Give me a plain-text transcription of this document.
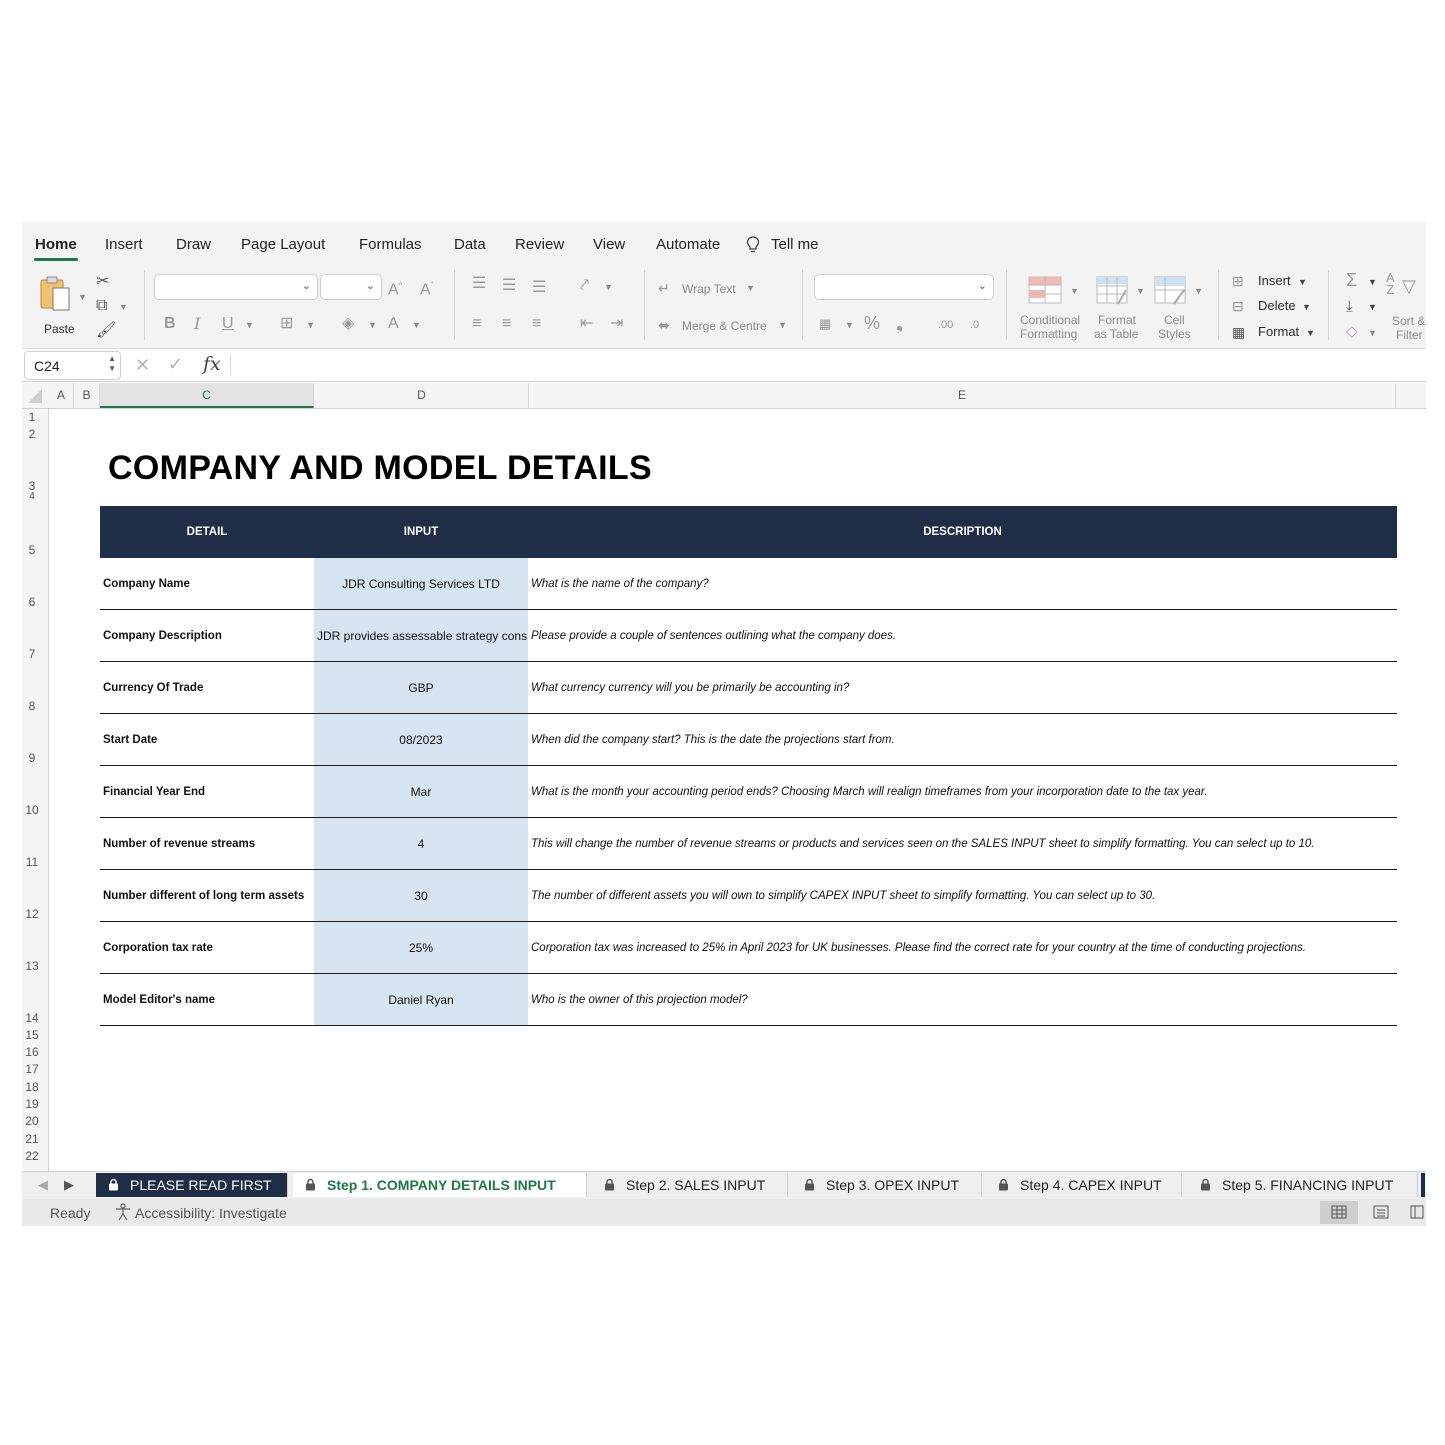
Home Insert Draw Page Layout Formulas Data Review View Automate	Tell me
▼
Paste
✂
⧉ ▼
🖌
⌄	⌄ A^ $A^ˇ$
B I U ▼ ⊞ ▼ ◈ ▼ A ▼
☰ ☰ ☰ ⤤ ▼
≡ ≡ ≡ ⇤ ⇥
↵ Wrap Text ▼
⬌ Merge & Centre ▼
⌄
▦ ▼ % ❟	.00 .0
▼
Conditional
Formatting
▼
Format
as Table
▼
Cell
Styles
⊞ Insert ▼
⊟ Delete ▼
▦ Format ▼
Σ ▼
⤓ ▼
◇ ▼
A
Z ▽
Sort &
Filter
C24	▲
▼ ✕ ✓ fx
A	B	C	D	E
1
2
3
4
5
6
7
8
9
10
11
12
13
14
15
16
17
18
19
20
21
22
COMPANY AND MODEL DETAILS
DETAIL	INPUT	DESCRIPTION
Company Name	JDR Consulting Services LTD	What is the name of the company?
Company Description	JDR provides assessable strategy cons Please provide a couple of sentences outlining what the company does.
Currency Of Trade	GBP	What currency currency will you be primarily be accounting in?
Start Date	08/2023	When did the company start? This is the date the projections start from.
Financial Year End	Mar	What is the month your accounting period ends? Choosing March will realign timeframes from your incorporation date to the tax year.
Number of revenue streams	4	This will change the number of revenue streams or products and services seen on the SALES INPUT sheet to simplify formatting. You can select up to 10.
Number different of long term assets	30	The number of different assets you will own to simplify CAPEX INPUT sheet to simplify formatting. You can select up to 30.
Corporation tax rate	25%	Corporation tax was increased to 25% in April 2023 for UK businesses. Please find the correct rate for your country at the time of conducting projections.
Model Editor's name	Daniel Ryan	Who is the owner of this projection model?
◀ ▶	PLEASE READ FIRST	Step 1. COMPANY DETAILS INPUT	Step 2. SALES INPUT	Step 3. OPEX INPUT	Step 4. CAPEX INPUT	Step 5. FINANCING INPUT
Ready	Accessibility: Investigate
